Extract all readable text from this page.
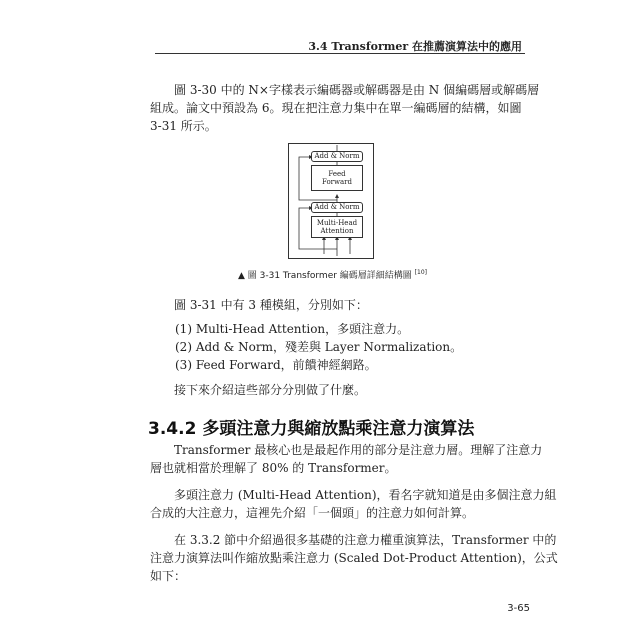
3.4 Transformer 在推薦演算法中的應用
圖 3-30 中的 N×字樣表示編碼器或解碼器是由 N 個編碼層或解碼層
組成。論文中預設為 6。現在把注意力集中在單一編碼層的結構，如圖
3-31 所示。
Add & Norm
Feed
Forward
Add & Norm
Multi-Head
Attention
▲ 圖 3-31 Transformer 編碼層詳細結構圖 [10]
圖 3-31 中有 3 種模組，分別如下：
(1) Multi-Head Attention，多頭注意力。
(2) Add & Norm，殘差與 Layer Normalization。
(3) Feed Forward，前饋神經網路。
接下來介紹這些部分分別做了什麼。
3.4.2 多頭注意力與縮放點乘注意力演算法
Transformer 最核心也是最起作用的部分是注意力層。理解了注意力
層也就相當於理解了 80% 的 Transformer。
多頭注意力 (Multi-Head Attention)，看名字就知道是由多個注意力組
合成的大注意力，這裡先介紹「一個頭」的注意力如何計算。
在 3.3.2 節中介紹過很多基礎的注意力權重演算法，Transformer 中的
注意力演算法叫作縮放點乘注意力 (Scaled Dot-Product Attention)，公式
如下：
3-65
